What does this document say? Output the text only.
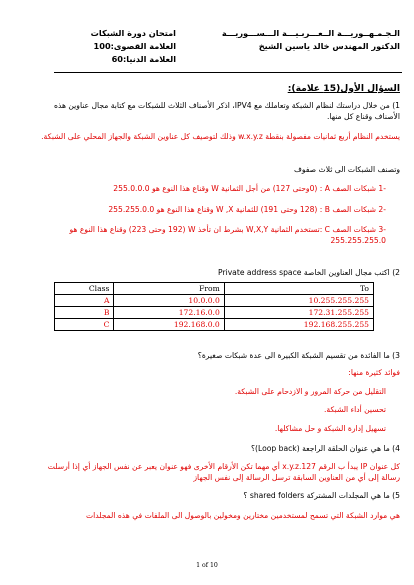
الـجـمـهــوريـــة الــعـــربـيـــة الـــســـوريـــة
الدكتور المهندس خالد ياسين الشيخ
امتحان دورة الشبكات
العلامة القصوى:100
العلامة الدنيا:60
السؤال الأول(15 علامة):
1) من خلال دراستك لنظام الشبكة وتعاملك مع IPV4، اذكر الأصناف الثلاث للشبكات مع كتابة مجال عناوين هذه الأصناف وقناع كل منها.
يستخدم النظام أربع ثمانيات مفصولة بنقطة w.x.y.z وذلك لتوصيف كل عناوين الشبكة والجهاز المحلي على الشبكة.
وتصنف الشبكات الى ثلاث صفوف
-1 شبكات الصف A : (0وحتى 127) من أجل الثمانية W وقناع هذا النوع هو 255.0.0.0
-2 شبكات الصف B : (128 وحتى 191) للثمانية W ,X وقناع هذا النوع هو 255.255.0.0
-3 شبكات الصف C :تستخدم الثمانية W,X,Y بشرط ان تأخذ W (192 وحتى 223) وقناع هذا النوع هو 255.255.255.0
2) اكتب مجال العناوين الخاصة Private address space
Class	From	To
A	10.0.0.0	10.255.255.255
B	172.16.0.0	172.31.255.255
C	192.168.0.0	192.168.255.255
3) ما الفائدة من تقسيم الشبكة الكبيرة الى عدة شبكات صغيرة؟
فوائد كثيرة منها:
التقليل من حركة المرور و الازدحام على الشبكة.
تحسين أداء الشبكة.
تسهيل إدارة الشبكة و حل مشاكلها.
4) ما هي عنوان الحلقة الراجعة (Loop back)؟
كل عنوان IP يبدأ ب الرقم 127.x.y.z أي مهما تكن الأرقام الأخرى فهو عنوان يعبر عن نفس الجهاز أي إذا أرسلت رسالة إلى أي من العناوين السابقة ترسل الرسالة إلى نفس الجهاز
5) ما هي المجلدات المشتركة shared folders ؟
هي موارد الشبكة التي تسمح لمستخدمين مختارين ومخولين بالوصول الى الملفات في هذه المجلدات
1 of 10
